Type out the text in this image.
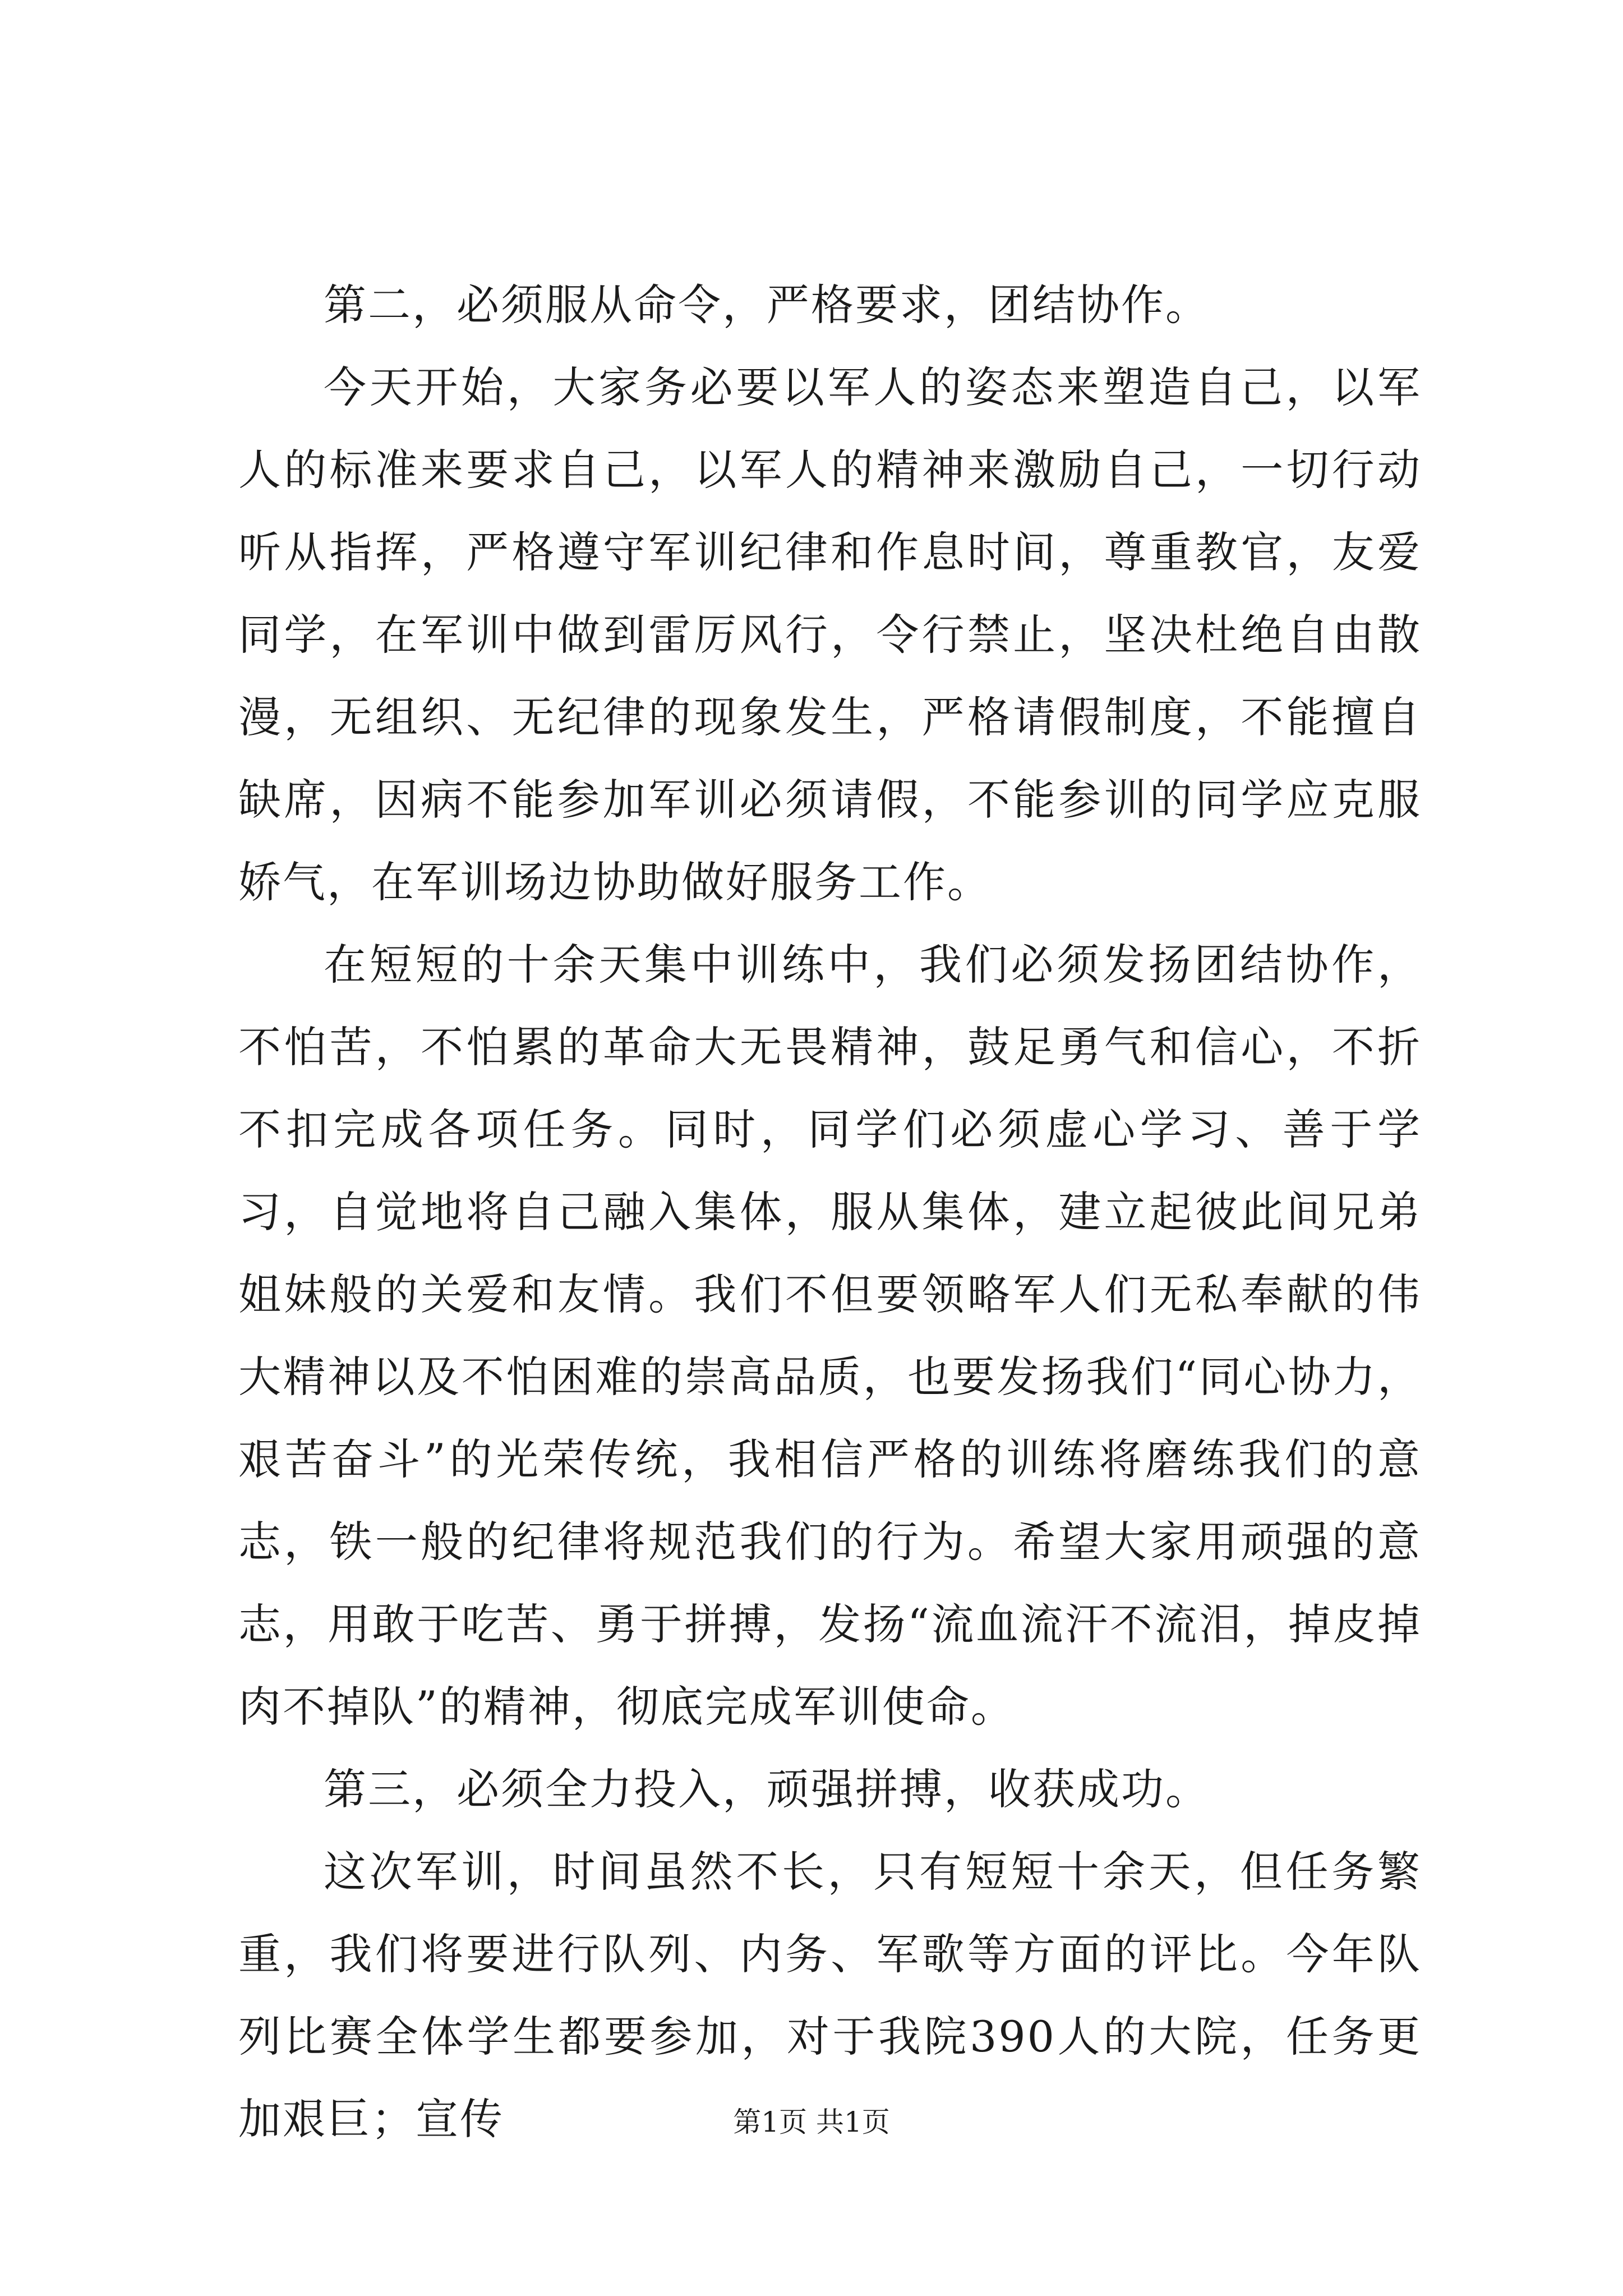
第二，必须服从命令，严格要求，团结协作。

今天开始，大家务必要以军人的姿态来塑造自己，以军人的标准来要求自己，以军人的精神来激励自己，一切行动听从指挥，严格遵守军训纪律和作息时间，尊重教官，友爱同学，在军训中做到雷厉风行，令行禁止，坚决杜绝自由散漫，无组织、无纪律的现象发生，严格请假制度，不能擅自缺席，因病不能参加军训必须请假，不能参训的同学应克服娇气，在军训场边协助做好服务工作。

在短短的十余天集中训练中，我们必须发扬团结协作，不怕苦，不怕累的革命大无畏精神，鼓足勇气和信心，不折不扣完成各项任务。同时，同学们必须虚心学习、善于学习，自觉地将自己融入集体，服从集体，建立起彼此间兄弟姐妹般的关爱和友情。我们不但要领略军人们无私奉献的伟大精神以及不怕困难的崇高品质，也要发扬我们“同心协力，艰苦奋斗”的光荣传统，我相信严格的训练将磨练我们的意志，铁一般的纪律将规范我们的行为。希望大家用顽强的意志，用敢于吃苦、勇于拼搏，发扬“流血流汗不流泪，掉皮掉肉不掉队”的精神，彻底完成军训使命。

第三，必须全力投入，顽强拼搏，收获成功。

这次军训，时间虽然不长，只有短短十余天，但任务繁重，我们将要进行队列、内务、军歌等方面的评比。今年队列比赛全体学生都要参加，对于我院390人的大院，任务更加艰巨；宣传	第1页 共1页
